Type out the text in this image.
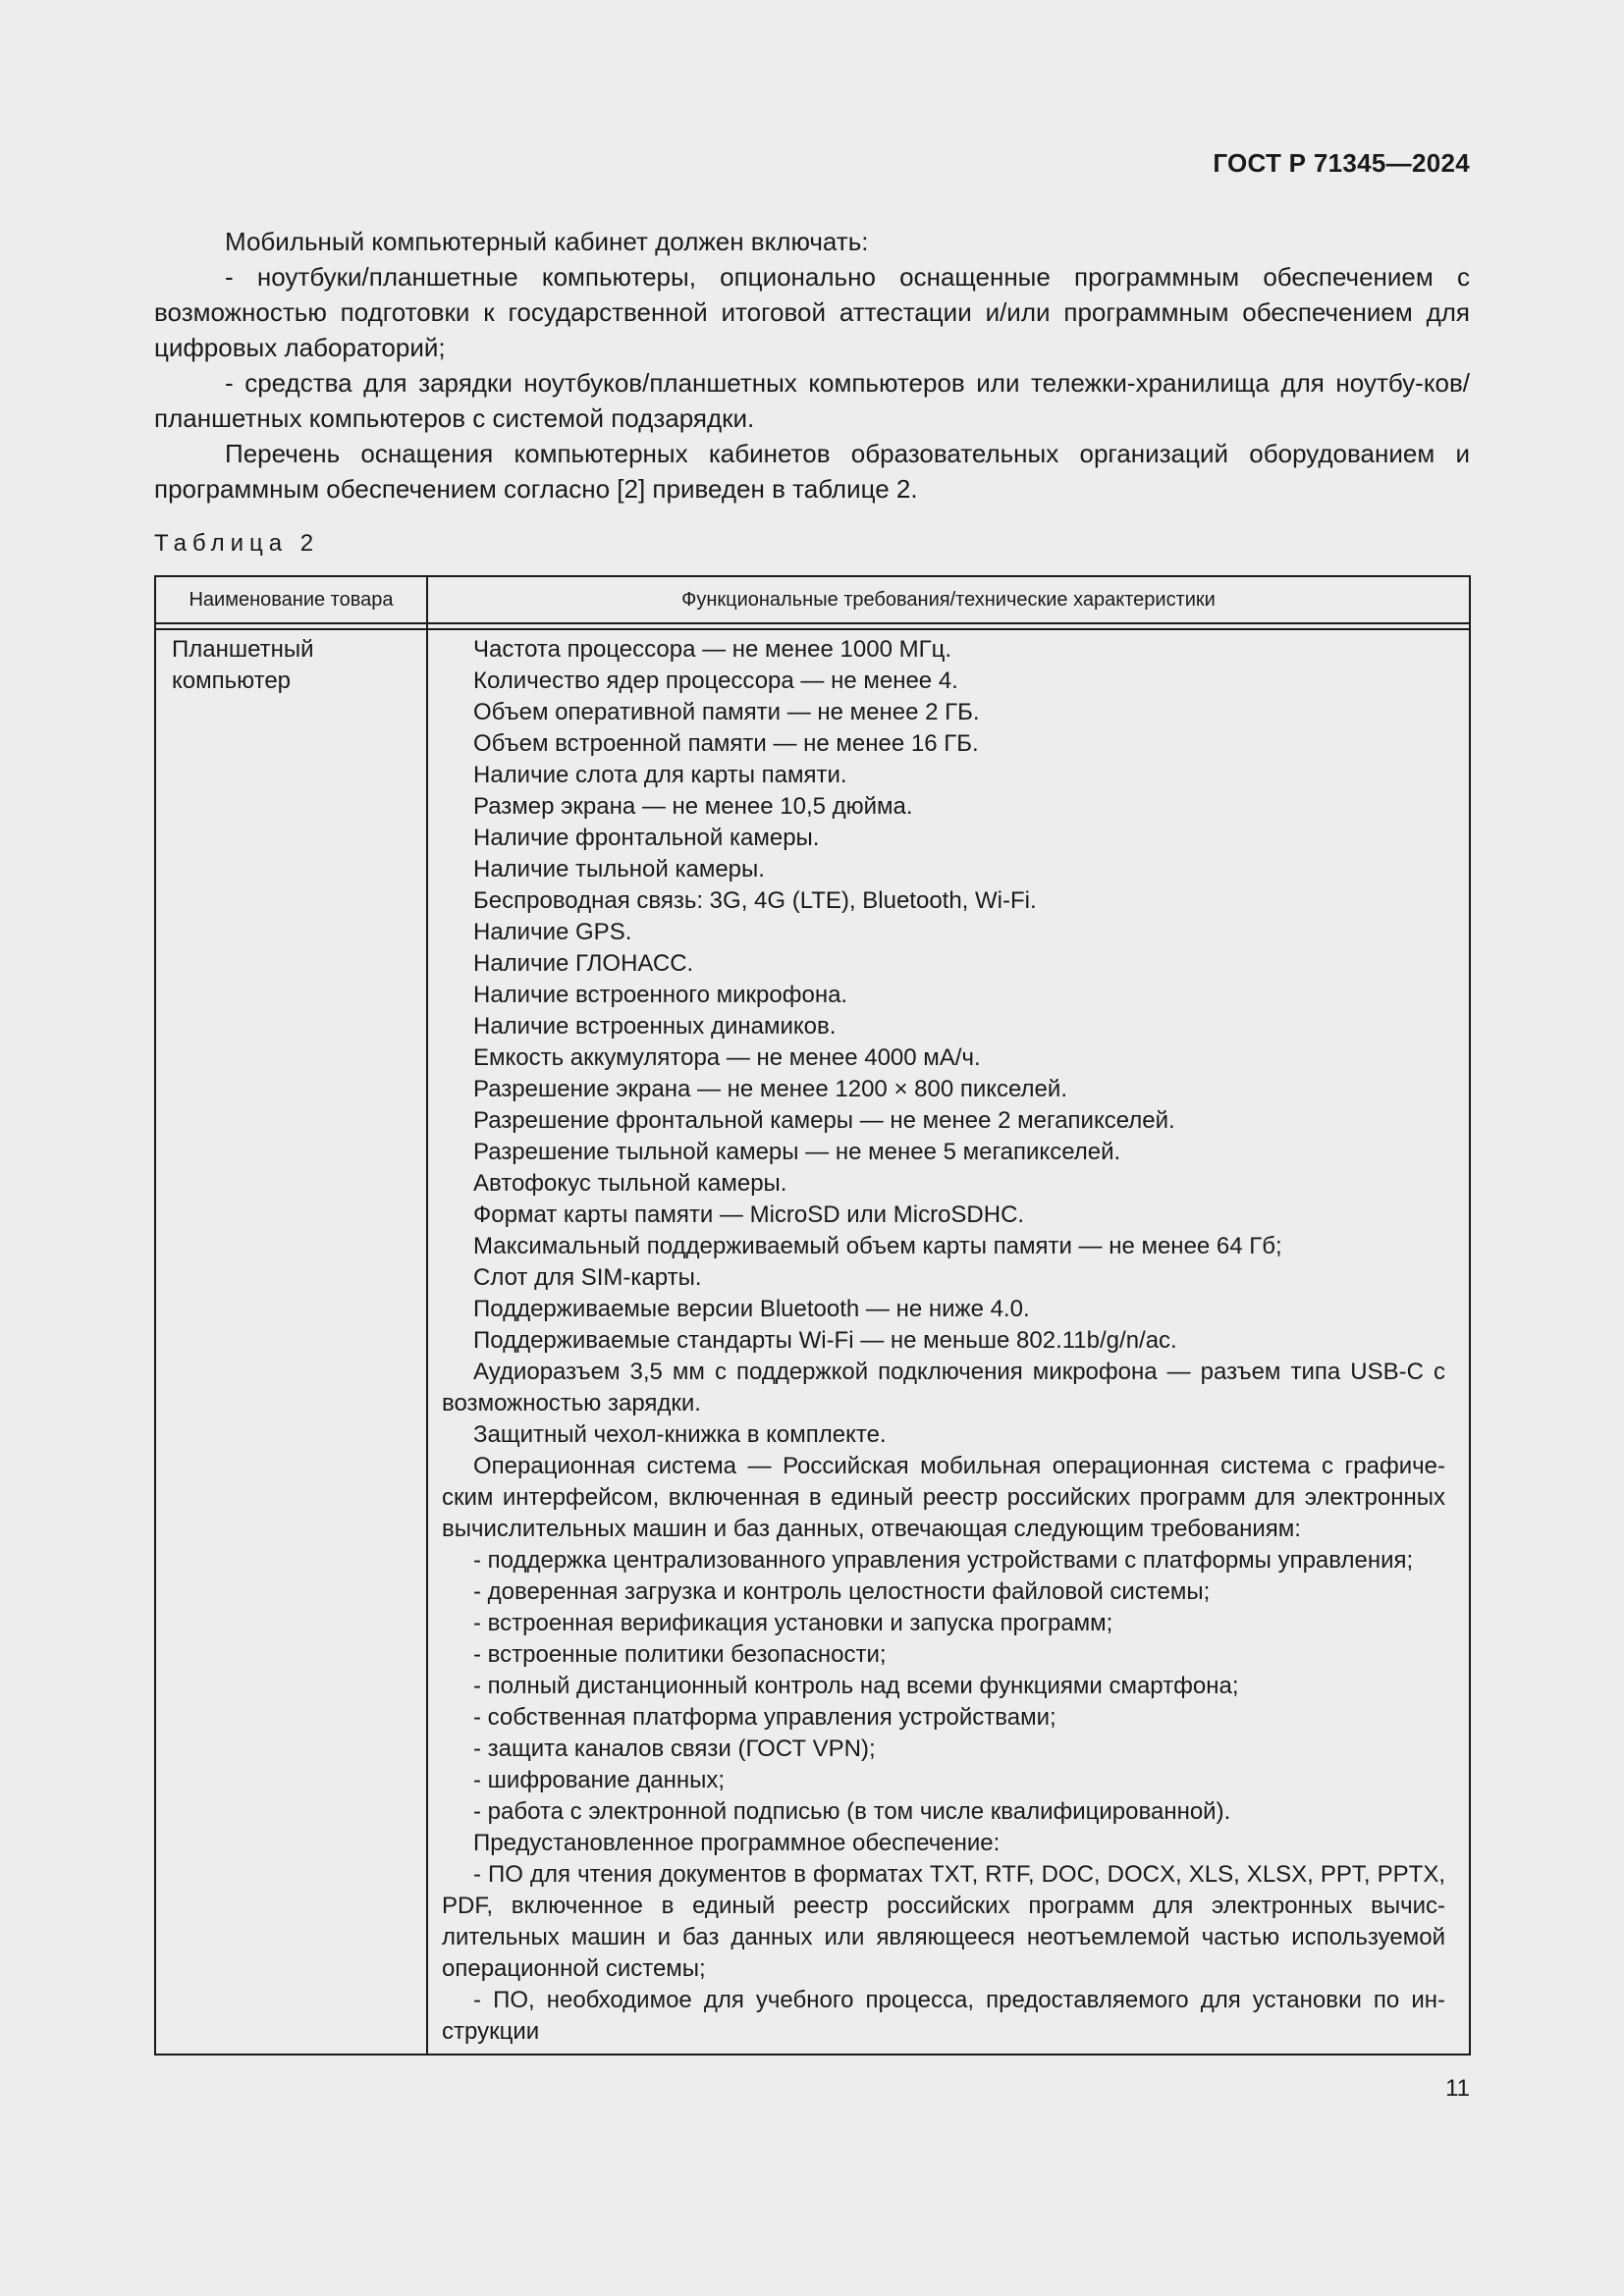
ГОСТ Р 71345—2024

Мобильный компьютерный кабинет должен включать:

- ноутбуки/планшетные компьютеры, опционально оснащенные программным обеспечением с возможностью подготовки к государственной итоговой аттестации и/или программным обеспечением для цифровых лабораторий;

- средства для зарядки ноутбуков/планшетных компьютеров или тележки-хранилища для ноутбу-ков/планшетных компьютеров с системой подзарядки.

Перечень оснащения компьютерных кабинетов образовательных организаций оборудованием и программным обеспечением согласно [2] приведен в таблице 2.

Таблица 2
Наименование товара	Функциональные требования/технические характеристики
Планшетный компьютер
Частота процессора — не менее 1000 МГц.
Количество ядер процессора — не менее 4.
Объем оперативной памяти — не менее 2 ГБ.
Объем встроенной памяти — не менее 16 ГБ.
Наличие слота для карты памяти.
Размер экрана — не менее 10,5 дюйма.
Наличие фронтальной камеры.
Наличие тыльной камеры.
Беспроводная связь: 3G, 4G (LTE), Bluetooth, Wi-Fi.
Наличие GPS.
Наличие ГЛОНАСС.
Наличие встроенного микрофона.
Наличие встроенных динамиков.
Емкость аккумулятора — не менее 4000 мА/ч.
Разрешение экрана — не менее 1200 × 800 пикселей.
Разрешение фронтальной камеры — не менее 2 мегапикселей.
Разрешение тыльной камеры — не менее 5 мегапикселей.
Автофокус тыльной камеры.
Формат карты памяти — MicroSD или MicroSDHC.
Максимальный поддерживаемый объем карты памяти — не менее 64 Гб;
Слот для SIM-карты.
Поддерживаемые версии Bluetooth — не ниже 4.0.
Поддерживаемые стандарты Wi-Fi — не меньше 802.11b/g/n/ac.
Аудиоразъем 3,5 мм с поддержкой подключения микрофона — разъем типа USB-C с возможностью зарядки.
Защитный чехол-книжка в комплекте.
Операционная система — Российская мобильная операционная система с графиче-ским интерфейсом, включенная в единый реестр российских программ для электронных вычислительных машин и баз данных, отвечающая следующим требованиям:
- поддержка централизованного управления устройствами с платформы управления;
- доверенная загрузка и контроль целостности файловой системы;
- встроенная верификация установки и запуска программ;
- встроенные политики безопасности;
- полный дистанционный контроль над всеми функциями смартфона;
- собственная платформа управления устройствами;
- защита каналов связи (ГОСТ VPN);
- шифрование данных;
- работа с электронной подписью (в том числе квалифицированной).
Предустановленное программное обеспечение:
- ПО для чтения документов в форматах TXT, RTF, DOC, DOCX, XLS, XLSX, PPT, PPTX, PDF, включенное в единый реестр российских программ для электронных вычис-лительных машин и баз данных или являющееся неотъемлемой частью используемой операционной системы;
- ПО, необходимое для учебного процесса, предоставляемого для установки по ин-струкции
11
